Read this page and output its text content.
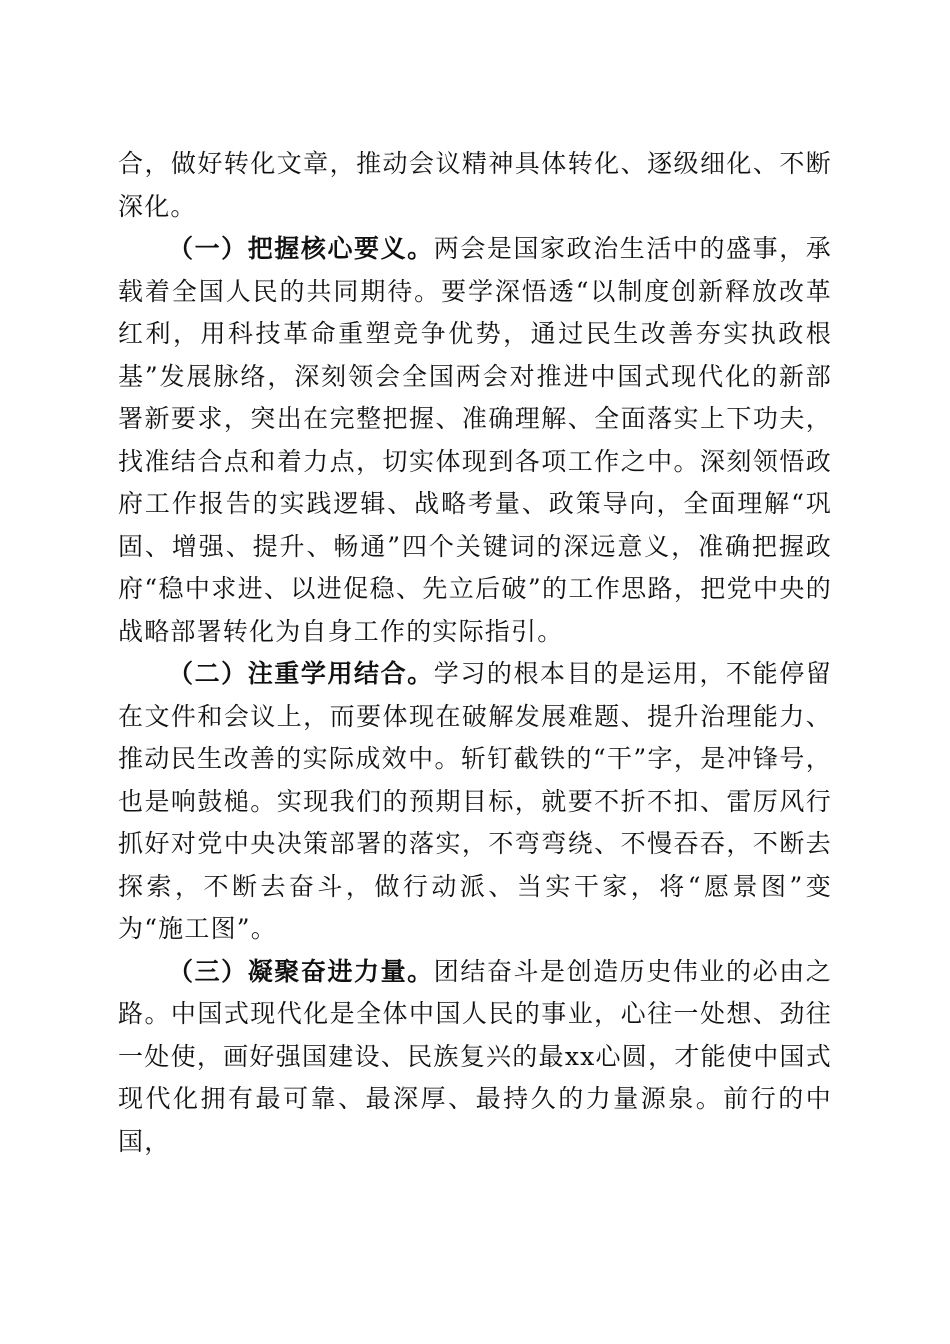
合，做好转化文章，推动会议精神具体转化、逐级细化、不断深化。

（一）把握核心要义。两会是国家政治生活中的盛事，承载着全国人民的共同期待。要学深悟透“以制度创新释放改革红利，用科技革命重塑竞争优势，通过民生改善夯实执政根基”发展脉络，深刻领会全国两会对推进中国式现代化的新部署新要求，突出在完整把握、准确理解、全面落实上下功夫，找准结合点和着力点，切实体现到各项工作之中。深刻领悟政府工作报告的实践逻辑、战略考量、政策导向，全面理解“巩固、增强、提升、畅通”四个关键词的深远意义，准确把握政府“稳中求进、以进促稳、先立后破”的工作思路，把党中央的战略部署转化为自身工作的实际指引。

（二）注重学用结合。学习的根本目的是运用，不能停留在文件和会议上，而要体现在破解发展难题、提升治理能力、推动民生改善的实际成效中。斩钉截铁的“干”字，是冲锋号，也是响鼓槌。实现我们的预期目标，就要不折不扣、雷厉风行抓好对党中央决策部署的落实，不弯弯绕、不慢吞吞，不断去探索，不断去奋斗，做行动派、当实干家，将“愿景图”变为“施工图”。

（三）凝聚奋进力量。团结奋斗是创造历史伟业的必由之路。中国式现代化是全体中国人民的事业，心往一处想、劲往一处使，画好强国建设、民族复兴的最xx心圆，才能使中国式现代化拥有最可靠、最深厚、最持久的力量源泉。前行的中国，
